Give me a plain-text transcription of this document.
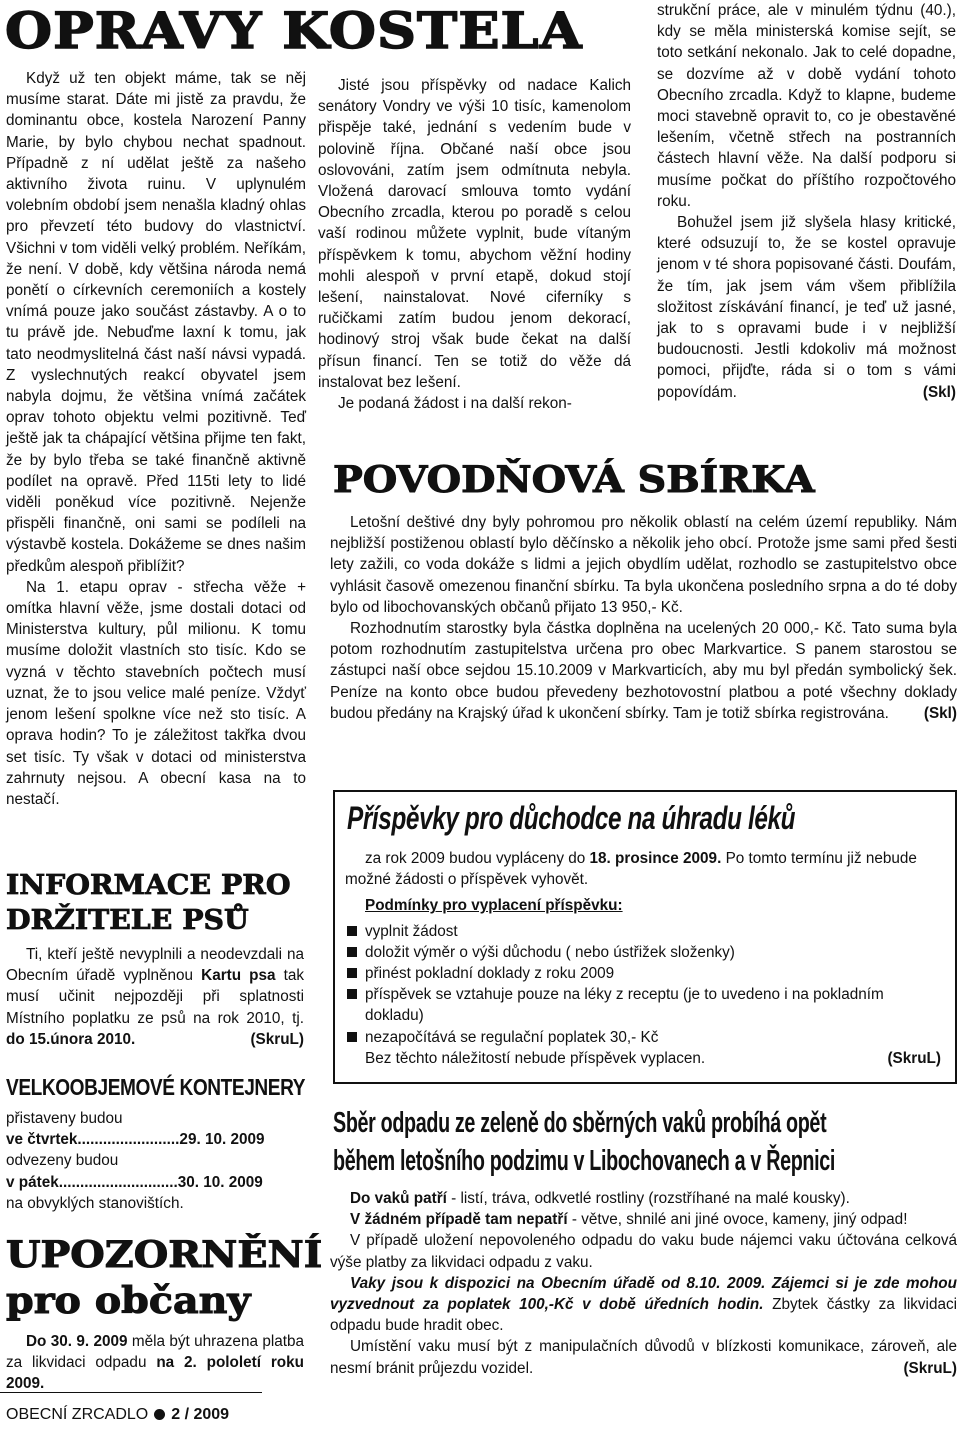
OPRAVY KOSTELA

Když už ten objekt máme, tak se něj musíme starat. Dáte mi jistě za pravdu, že dominantu obce, kostela Narození Panny Marie, by bylo chybou nechat spadnout. Případně z ní udělat ještě za našeho aktivního života ruinu. V uplynulém volebním období jsem nenašla kladný ohlas pro převzetí této budovy do vlastnictví. Všichni v tom viděli velký problém. Neříkám, že není. V době, kdy většina národa nemá ponětí o církevních ceremoniích a kostely vnímá pouze jako součást zástavby. A o to tu právě jde. Nebuďme laxní k tomu, jak tato neodmyslitelná část naší návsi vypadá. Z vyslechnutých reakcí obyvatel jsem nabyla dojmu, že většina vnímá začátek oprav tohoto objektu velmi pozitivně. Teď ještě jak ta chápající většina přijme ten fakt, že by bylo třeba se také finančně aktivně podílet na opravě. Před 115ti lety to lidé viděli poněkud více pozitivně. Nejenže přispěli finančně, oni sami se podíleli na výstavbě kostela. Dokážeme se dnes našim předkům alespoň přiblížit?

Na 1. etapu oprav - střecha věže + omítka hlavní věže, jsme dostali dotaci od Ministerstva kultury, půl milionu. K tomu musíme doložit vlastních sto tisíc. Kdo se vyzná v těchto stavebních počtech musí uznat, že to jsou velice malé peníze. Vždyť jenom lešení spolkne více než sto tisíc. A oprava hodin? To je záležitost takřka dvou set tisíc. Ty však v dotaci od ministerstva zahrnuty nejsou. A obecní kasa na to nestačí.

Jisté jsou příspěvky od nadace Kalich senátory Vondry ve výši 10 tisíc, kamenolom přispěje také, jednání s vedením bude v polovině října. Občané naší obce jsou oslovováni, zatím jsem odmítnuta nebyla. Vložená darovací smlouva tomto vydání Obecního zrcadla, kterou po poradě s celou vaší rodinou můžete vyplnit, bude vítaným příspěvkem k tomu, abychom věžní hodiny mohli alespoň v první etapě, dokud stojí lešení, nainstalovat. Nové ciferníky s ručičkami zatím budou jenom dekorací, hodinový stroj však bude čekat na další přísun financí. Ten se totiž do věže dá instalovat bez lešení.

Je podaná žádost i na další rekon-

strukční práce, ale v minulém týdnu (40.), kdy se měla ministerská komise sejít, se toto setkání nekonalo. Jak to celé dopadne, se dozvíme až v době vydání tohoto Obecního zrcadla. Když to klapne, budeme moci stavebně opravit to, co je obestavěné lešením, včetně střech na postranních částech hlavní věže. Na další podporu si musíme počkat do příštího rozpočtového roku.

Bohužel jsem již slyšela hlasy kritické, které odsuzují to, že se kostel opravuje jenom v té shora popisované části. Doufám, že tím, jak jsem vám všem přiblížila složitost získávání financí, je teď už jasné, jak to s opravami bude i v nejbližší budoucnosti. Jestli kdokoliv má možnost pomoci, přijďte, ráda si o tom s vámi popovídám.	(Skl)

INFORMACE PRO
DRŽITELE PSŮ

Ti, kteří ještě nevyplnili a neodevzdali na Obecním úřadě vyplněnou Kartu psa tak musí učinit nejpozději při splatnosti Místního poplatku ze psů na rok 2010, tj. do 15.února 2010.	(SkruL)

VELKOOBJEMOVÉ KONTEJNERY

přistaveny budou

ve čtvrtek........................29. 10. 2009

odvezeny budou

v pátek............................30. 10. 2009

na obvyklých stanovištích.

UPOZORNĚNÍ
pro občany

Do 30. 9. 2009 měla být uhrazena platba za likvidaci odpadu na 2. pololetí roku 2009.

POVODŇOVÁ SBÍRKA

Letošní deštivé dny byly pohromou pro několik oblastí na celém území republiky. Nám nejbližší postiženou oblastí bylo děčínsko a několik jeho obcí. Protože jsme sami před šesti lety zažili, co voda dokáže s lidmi a jejich obydlím udělat, rozhodlo se zastupitelstvo obce vyhlásit časově omezenou finanční sbírku. Ta byla ukončena posledního srpna a do té doby bylo od libochovanských občanů přijato 13 950,- Kč.

Rozhodnutím starostky byla částka doplněna na ucelených 20 000,- Kč. Tato suma byla potom rozhodnutím zastupitelstva určena pro obec Markvartice. S panem starostou se zástupci naší obce sejdou 15.10.2009 v Markvarticích, aby mu byl předán symbolický šek. Peníze na konto obce budou převedeny bezhotovostní platbou a poté všechny doklady budou předány na Krajský úřad k ukončení sbírky. Tam je totiž sbírka registrována.	(Skl)

Příspěvky pro důchodce na úhradu léků

za rok 2009 budou vypláceny do 18. prosince 2009. Po tomto termínu již nebude možné žádosti o příspěvek vyhovět.

Podmínky pro vyplacení příspěvku:

vyplnit žádost
doložit výměr o výši důchodu ( nebo ústřižek složenky)
přinést pokladní doklady z roku 2009
příspěvek se vztahuje pouze na léky z receptu (je to uvedeno i na pokladním dokladu)
nezapočítává se regulační poplatek 30,- Kč

Bez těchto náležitostí nebude příspěvek vyplacen.	(SkruL)

Sběr odpadu ze zeleně do sběrných vaků probíhá opět
během letošního podzimu v Libochovanech a v Řepnici

Do vaků patří - listí, tráva, odkvetlé rostliny (rozstříhané na malé kousky).

V žádném případě tam nepatří - větve, shnilé ani jiné ovoce, kameny, jiný odpad!

V případě uložení nepovoleného odpadu do vaku bude nájemci vaku účtována celková výše platby za likvidaci odpadu z vaku.

Vaky jsou k dispozici na Obecním úřadě od 8.10. 2009. Zájemci si je zde mohou vyzvednout za poplatek 100,-Kč v době úředních hodin. Zbytek částky za likvidaci odpadu bude hradit obec.

Umístění vaku musí být z manipulačních důvodů v blízkosti komunikace, zároveň, ale nesmí bránit průjezdu vozidel.	(SkruL)

OBECNÍ ZRCADLO 2 / 2009
